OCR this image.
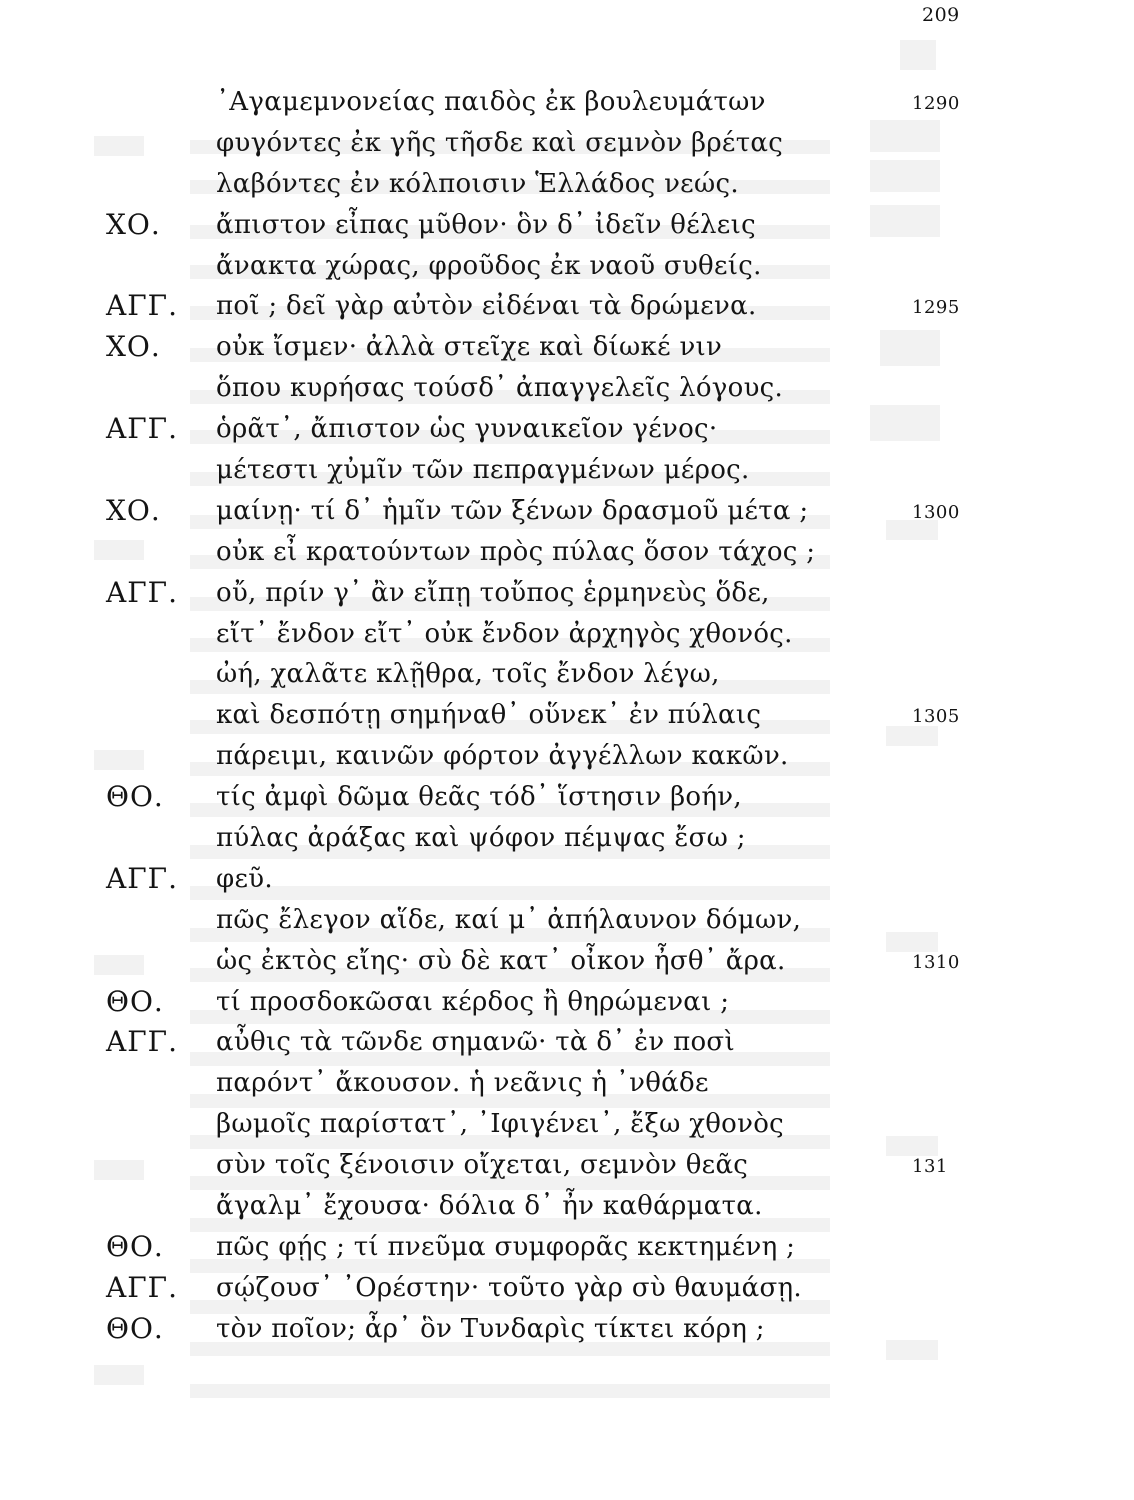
209
᾿Αγαμεμνονείας παιδὸς ἐκ βουλευμάτων	1290
φυγόντες ἐκ γῆς τῆσδε καὶ σεμνὸν βρέτας
λαβόντες ἐν κόλποισιν Ἑλλάδος νεώς.
ΧΟ. ἄπιστον εἶπας μῦθον· ὃν δ᾿ ἰδεῖν θέλεις
ἄνακτα χώρας, φροῦδος ἐκ ναοῦ συθείς.
ΑΓΓ. ποῖ ; δεῖ γὰρ αὐτὸν εἰδέναι τὰ δρώμενα.	1295
ΧΟ. οὐκ ἴσμεν· ἀλλὰ στεῖχε καὶ δίωκέ νιν
ὅπου κυρήσας τούσδ᾿ ἀπαγγελεῖς λόγους.
ΑΓΓ. ὁρᾶτ᾿, ἄπιστον ὡς γυναικεῖον γένος·
μέτεστι χὐμῖν τῶν πεπραγμένων μέρος.
ΧΟ. μαίνῃ· τί δ᾿ ἡμῖν τῶν ξένων δρασμοῦ μέτα ;	1300
οὐκ εἶ κρατούντων πρὸς πύλας ὅσον τάχος ;
ΑΓΓ. οὔ, πρίν γ᾿ ἂν εἴπῃ τοὔπος ἑρμηνεὺς ὅδε,
εἴτ᾿ ἔνδον εἴτ᾿ οὐκ ἔνδον ἀρχηγὸς χθονός.
ὠή, χαλᾶτε κλῇθρα, τοῖς ἔνδον λέγω,
καὶ δεσπότῃ σημήναθ᾿ οὕνεκ᾿ ἐν πύλαις	1305
πάρειμι, καινῶν φόρτον ἀγγέλλων κακῶν.
ΘΟ. τίς ἀμφὶ δῶμα θεᾶς τόδ᾿ ἵστησιν βοήν,
πύλας ἀράξας καὶ ψόφον πέμψας ἔσω ;
ΑΓΓ. φεῦ.
πῶς ἔλεγον αἵδε, καί μ᾿ ἀπήλαυνον δόμων,
ὡς ἐκτὸς εἴης· σὺ δὲ κατ᾿ οἶκον ἦσθ᾿ ἄρα.	1310
ΘΟ. τί προσδοκῶσαι κέρδος ἢ θηρώμεναι ;
ΑΓΓ. αὖθις τὰ τῶνδε σημανῶ· τὰ δ᾿ ἐν ποσὶ
παρόντ᾿ ἄκουσον. ἡ νεᾶνις ἡ ᾿νθάδε
βωμοῖς παρίστατ᾿, ᾿Ιφιγένει᾿, ἔξω χθονὸς
σὺν τοῖς ξένοισιν οἴχεται, σεμνὸν θεᾶς	131
ἄγαλμ᾿ ἔχουσα· δόλια δ᾿ ἦν καθάρματα.
ΘΟ. πῶς φῄς ; τί πνεῦμα συμφορᾶς κεκτημένη ;
ΑΓΓ. σῴζουσ᾿ ᾿Ορέστην· τοῦτο γὰρ σὺ θαυμάσῃ.
ΘΟ. τὸν ποῖον; ἆρ᾿ ὃν Τυνδαρὶς τίκτει κόρη ;
